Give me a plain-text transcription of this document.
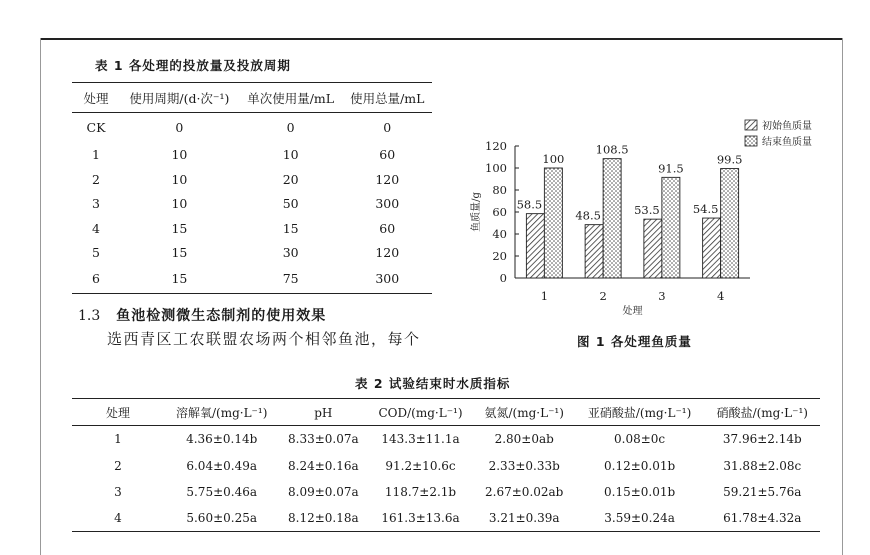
表 1 各处理的投放量及投放周期
处理	使用周期/(d·次⁻¹)	单次使用量/mL	使用总量/mL
CK	0	0	0
1	10	10	60
2	10	20	120
3	10	50	300
4	15	15	60
5	15	30	120
6	15	75	300
1.3 鱼池检测微生态制剂的使用效果
选西青区工农联盟农场两个相邻鱼池，每个
0
20
40
60
80
100
120
鱼质量/g
1	2	3	4
处理
58.5
100
48.5
108.5
53.5
91.5
54.5
99.5
初始鱼质量
结束鱼质量
图 1 各处理鱼质量
表 2 试验结束时水质指标
处理	溶解氧/(mg·L⁻¹)	pH	COD/(mg·L⁻¹)	氨氮/(mg·L⁻¹)	亚硝酸盐/(mg·L⁻¹)	硝酸盐/(mg·L⁻¹)
1	4.36±0.14b	8.33±0.07a	143.3±11.1a	2.80±0ab	0.08±0c	37.96±2.14b
2	6.04±0.49a	8.24±0.16a	91.2±10.6c	2.33±0.33b	0.12±0.01b	31.88±2.08c
3	5.75±0.46a	8.09±0.07a	118.7±2.1b	2.67±0.02ab	0.15±0.01b	59.21±5.76a
4	5.60±0.25a	8.12±0.18a	161.3±13.6a	3.21±0.39a	3.59±0.24a	61.78±4.32a
